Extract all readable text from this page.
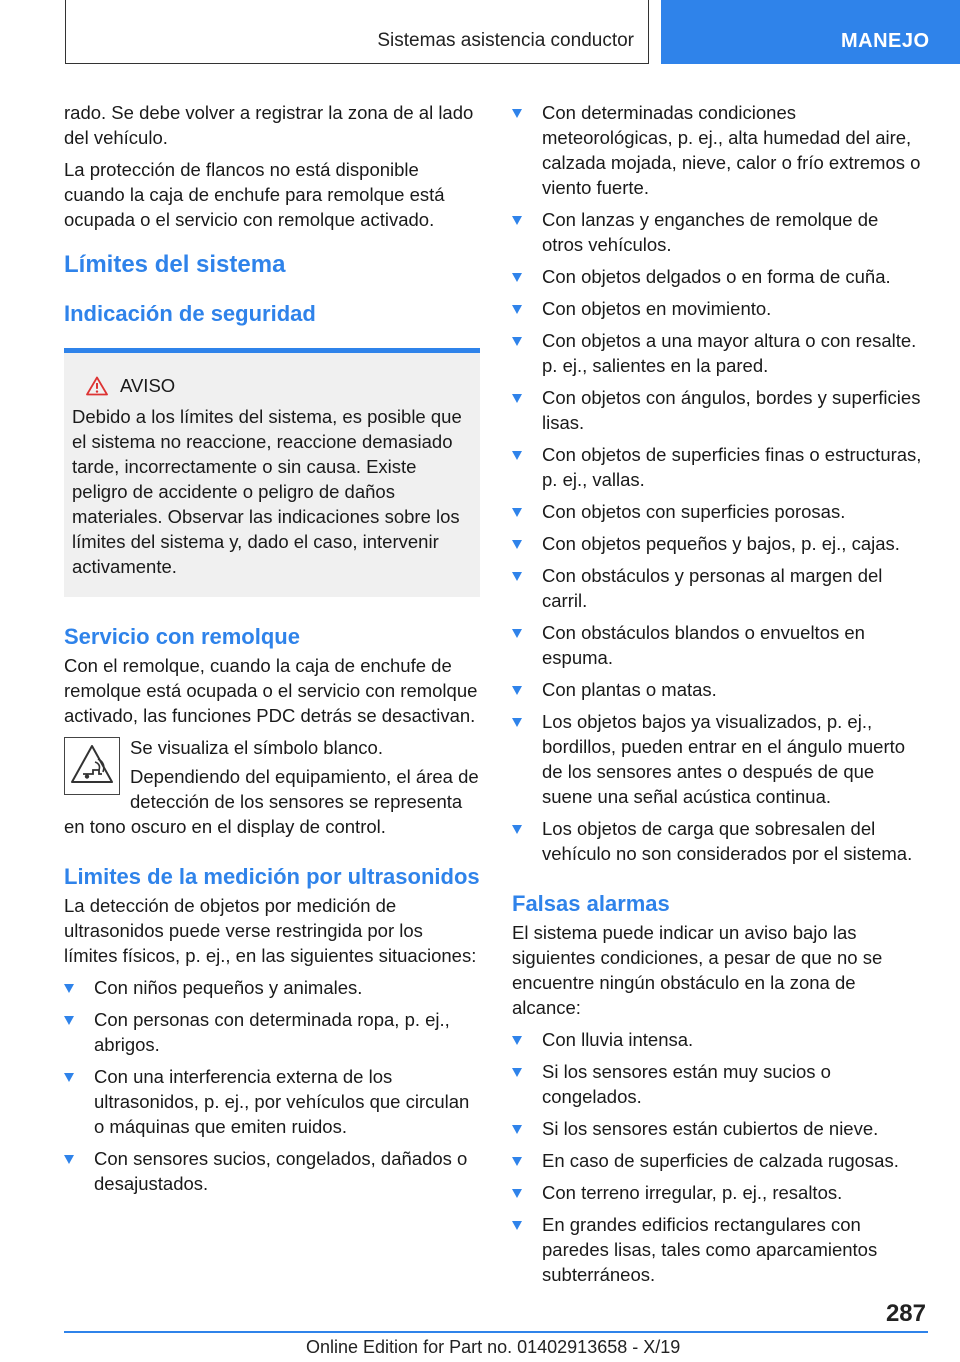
Sistemas asistencia conductor	MANEJO

rado. Se debe volver a registrar la zona de al lado del vehículo.

La protección de flancos no está disponible cuando la caja de enchufe para remolque está ocupada o el servicio con remolque activado.

Límites del sistema
Indicación de seguridad
AVISO

Debido a los límites del sistema, es posible que el sistema no reaccione, reaccione demasiado tarde, incorrectamente o sin causa. Existe peligro de accidente o peligro de daños materiales. Observar las indicaciones sobre los límites del sistema y, dado el caso, intervenir activamente.

Servicio con remolque

Con el remolque, cuando la caja de enchufe de remolque está ocupada o el servicio con remolque activado, las funciones PDC detrás se desactivan.

Se visualiza el símbolo blanco.

Dependiendo del equipamiento, el área de detección de los sensores se representa en tono oscuro en el display de control.

Limites de la medición por ultrasonidos

La detección de objetos por medición de ultrasonidos puede verse restringida por los límites físicos, p. ej., en las siguientes situaciones:

Con niños pequeños y animales.
Con personas con determinada ropa, p. ej., abrigos.
Con una interferencia externa de los ultrasonidos, p. ej., por vehículos que circulan o máquinas que emiten ruidos.
Con sensores sucios, congelados, dañados o desajustados.
Con determinadas condiciones meteorológicas, p. ej., alta humedad del aire, calzada mojada, nieve, calor o frío extremos o viento fuerte.
Con lanzas y enganches de remolque de otros vehículos.
Con objetos delgados o en forma de cuña.
Con objetos en movimiento.
Con objetos a una mayor altura o con resalte. p. ej., salientes en la pared.
Con objetos con ángulos, bordes y superficies lisas.
Con objetos de superficies finas o estructuras, p. ej., vallas.
Con objetos con superficies porosas.
Con objetos pequeños y bajos, p. ej., cajas.
Con obstáculos y personas al margen del carril.
Con obstáculos blandos o envueltos en espuma.
Con plantas o matas.
Los objetos bajos ya visualizados, p. ej., bordillos, pueden entrar en el ángulo muerto de los sensores antes o después de que suene una señal acústica continua.
Los objetos de carga que sobresalen del vehículo no son considerados por el sistema.
Falsas alarmas

El sistema puede indicar un aviso bajo las siguientes condiciones, a pesar de que no se encuentre ningún obstáculo en la zona de alcance:

Con lluvia intensa.
Si los sensores están muy sucios o congelados.
Si los sensores están cubiertos de nieve.
En caso de superficies de calzada rugosas.
Con terreno irregular, p. ej., resaltos.
En grandes edificios rectangulares con paredes lisas, tales como aparcamientos subterráneos.
287
Online Edition for Part no. 01402913658 - X/19
